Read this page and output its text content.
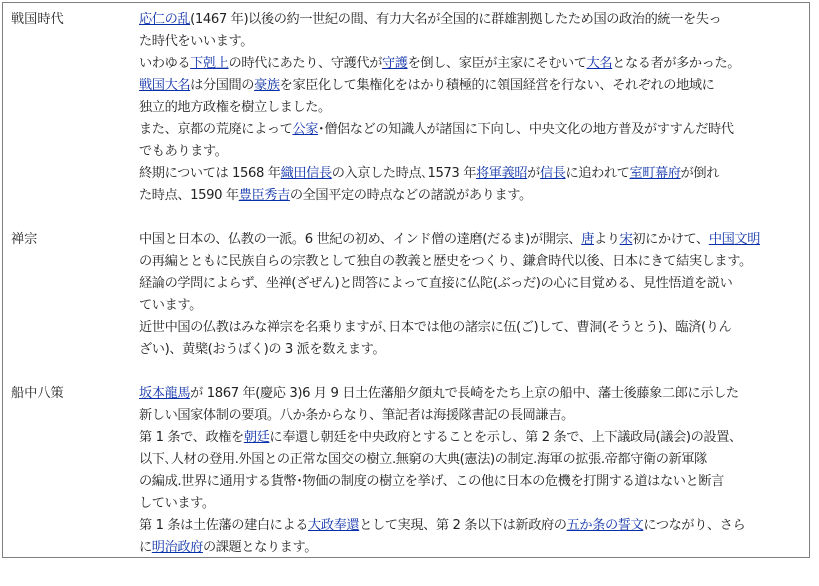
戦国時代	応仁の乱(1467 年)以後の約一世紀の間、有力大名が全国的に群雄割拠したため国の政治的統一を失っ
た時代をいいます。

いわゆる下剋上の時代にあたり、守護代が守護を倒し、家臣が主家にそむいて大名となる者が多かった。

戦国大名は分国間の豪族を家臣化して集権化をはかり積極的に領国経営を行ない、それぞれの地域に
独立的地方政権を樹立しました。

また、京都の荒廃によって公家･僧侶などの知識人が諸国に下向し、中央文化の地方普及がすすんだ時代
でもあります。

終期については 1568 年織田信長の入京した時点､1573 年将軍義昭が信長に追われて室町幕府が倒れ
た時点、1590 年豊臣秀吉の全国平定の時点などの諸説があります。

禅宗	中国と日本の、仏教の一派。6 世紀の初め、インド僧の達磨(だるま)が開宗、唐より宋初にかけて、中国文明
の再編とともに民族自らの宗教として独自の教義と歴史をつくり、鎌倉時代以後、日本にきて結実します。

経論の学問によらず、坐禅(ざぜん)と問答によって直接に仏陀(ぶっだ)の心に目覚める、見性悟道を説い
ています。

近世中国の仏教はみな禅宗を名乗りますが､日本では他の諸宗に伍(ご)して、曹洞(そうとう)、臨済(りん
ざい)、黄檗(おうばく)の 3 派を数えます。

船中八策	坂本龍馬が 1867 年(慶応 3)6 月 9 日土佐藩船夕顔丸で長崎をたち上京の船中、藩士後藤象二郎に示した
新しい国家体制の要項。八か条からなり、筆記者は海援隊書記の長岡謙吉。

第 1 条で、政権を朝廷に奉還し朝廷を中央政府とすることを示し、第 2 条で、上下議政局(議会)の設置、
以下､人材の登用.外国との正常な国交の樹立.無窮の大典(憲法)の制定.海軍の拡張.帝都守衛の新軍隊
の編成.世界に通用する貨幣･物価の制度の樹立を挙げ、この他に日本の危機を打開する道はないと断言
しています。

第 1 条は土佐藩の建白による大政奉還として実現、第 2 条以下は新政府の五か条の誓文につながり、さら
に明治政府の課題となります。
